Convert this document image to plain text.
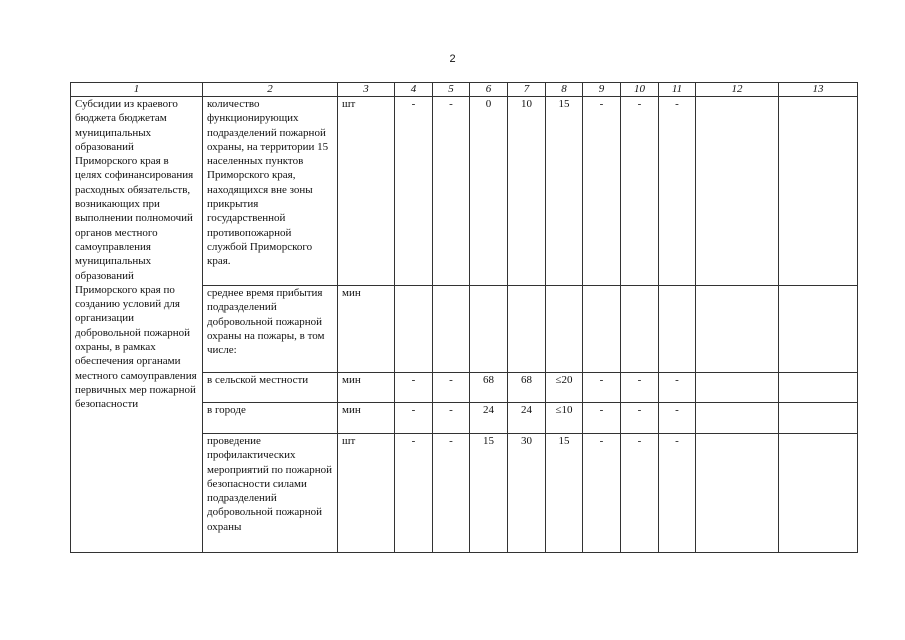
2
1	2	3	4	5	6	7	8	9	10	11	12	13
Субсидии из краевого бюджета бюджетам муниципальных образований Приморского края в целях софинансирования расходных обязательств, возникающих при выполнении полномочий органов местного самоуправления муниципальных образований Приморского края по созданию условий для организации добровольной пожарной охраны, в рамках обеспечения органами местного самоуправления первичных мер пожарной безопасности	количество функционирующих подразделений пожарной охраны, на территории 15 населенных пунктов Приморского края, находящихся вне зоны прикрытия государственной противопожарной службой Приморского края.	шт	-	-	0	10	15	-	-	-		
	среднее время прибытия подразделений добровольной пожарной охраны на пожары, в том числе:	мин										
	в сельской местности	мин	-	-	68	68	≤20	-	-	-		
	в городе	мин	-	-	24	24	≤10	-	-	-		
	проведение профилактических мероприятий по пожарной безопасности силами подразделений добровольной пожарной охраны	шт	-	-	15	30	15	-	-	-		
